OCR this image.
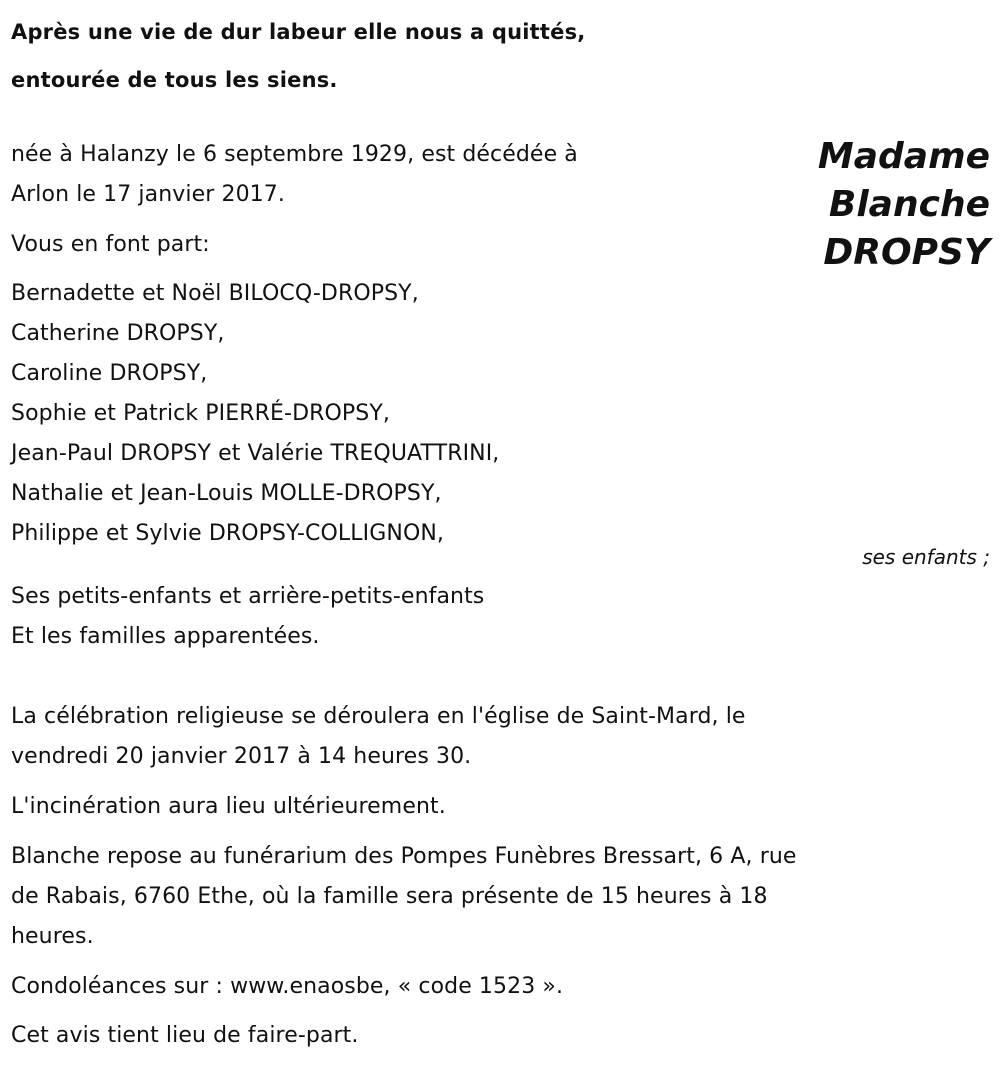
Après une vie de dur labeur elle nous a quittés,
entourée de tous les siens.
Madame
Blanche
DROPSY
née à Halanzy le 6 septembre 1929, est décédée à
Arlon le 17 janvier 2017.
Vous en font part:
Bernadette et Noël BILOCQ-DROPSY,
Catherine DROPSY,
Caroline DROPSY,
Sophie et Patrick PIERRÉ-DROPSY,
Jean-Paul DROPSY et Valérie TREQUATTRINI,
Nathalie et Jean-Louis MOLLE-DROPSY,
Philippe et Sylvie DROPSY-COLLIGNON,
ses enfants ;
Ses petits-enfants et arrière-petits-enfants
Et les familles apparentées.
La célébration religieuse se déroulera en l'église de Saint-Mard, le
vendredi 20 janvier 2017 à 14 heures 30.
L'incinération aura lieu ultérieurement.
Blanche repose au funérarium des Pompes Funèbres Bressart, 6 A, rue
de Rabais, 6760 Ethe, où la famille sera présente de 15 heures à 18
heures.
Condoléances sur : www.enaosbe, « code 1523 ».
Cet avis tient lieu de faire-part.
